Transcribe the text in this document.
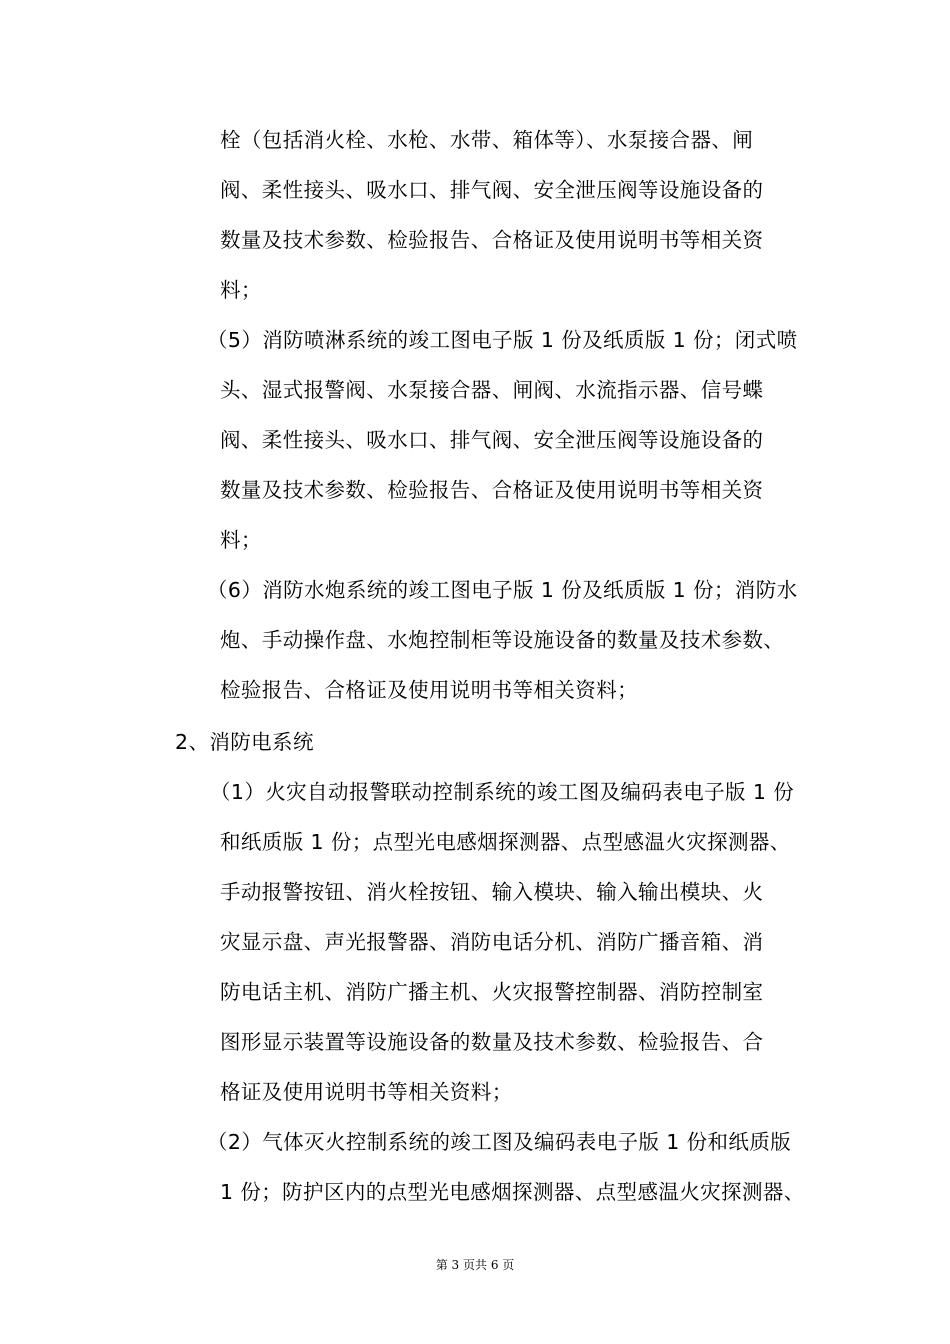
栓（包括消火栓、水枪、水带、箱体等）、水泵接合器、闸
阀、柔性接头、吸水口、排气阀、安全泄压阀等设施设备的
数量及技术参数、检验报告、合格证及使用说明书等相关资
料；
（5）消防喷淋系统的竣工图电子版 1 份及纸质版 1 份；闭式喷
头、湿式报警阀、水泵接合器、闸阀、水流指示器、信号蝶
阀、柔性接头、吸水口、排气阀、安全泄压阀等设施设备的
数量及技术参数、检验报告、合格证及使用说明书等相关资
料；
（6）消防水炮系统的竣工图电子版 1 份及纸质版 1 份；消防水
炮、手动操作盘、水炮控制柜等设施设备的数量及技术参数、
检验报告、合格证及使用说明书等相关资料；
2、消防电系统
（1）火灾自动报警联动控制系统的竣工图及编码表电子版 1 份
和纸质版 1 份；点型光电感烟探测器、点型感温火灾探测器、
手动报警按钮、消火栓按钮、输入模块、输入输出模块、火
灾显示盘、声光报警器、消防电话分机、消防广播音箱、消
防电话主机、消防广播主机、火灾报警控制器、消防控制室
图形显示装置等设施设备的数量及技术参数、检验报告、合
格证及使用说明书等相关资料；
（2）气体灭火控制系统的竣工图及编码表电子版 1 份和纸质版
1 份；防护区内的点型光电感烟探测器、点型感温火灾探测器、
第 3 页共 6 页
